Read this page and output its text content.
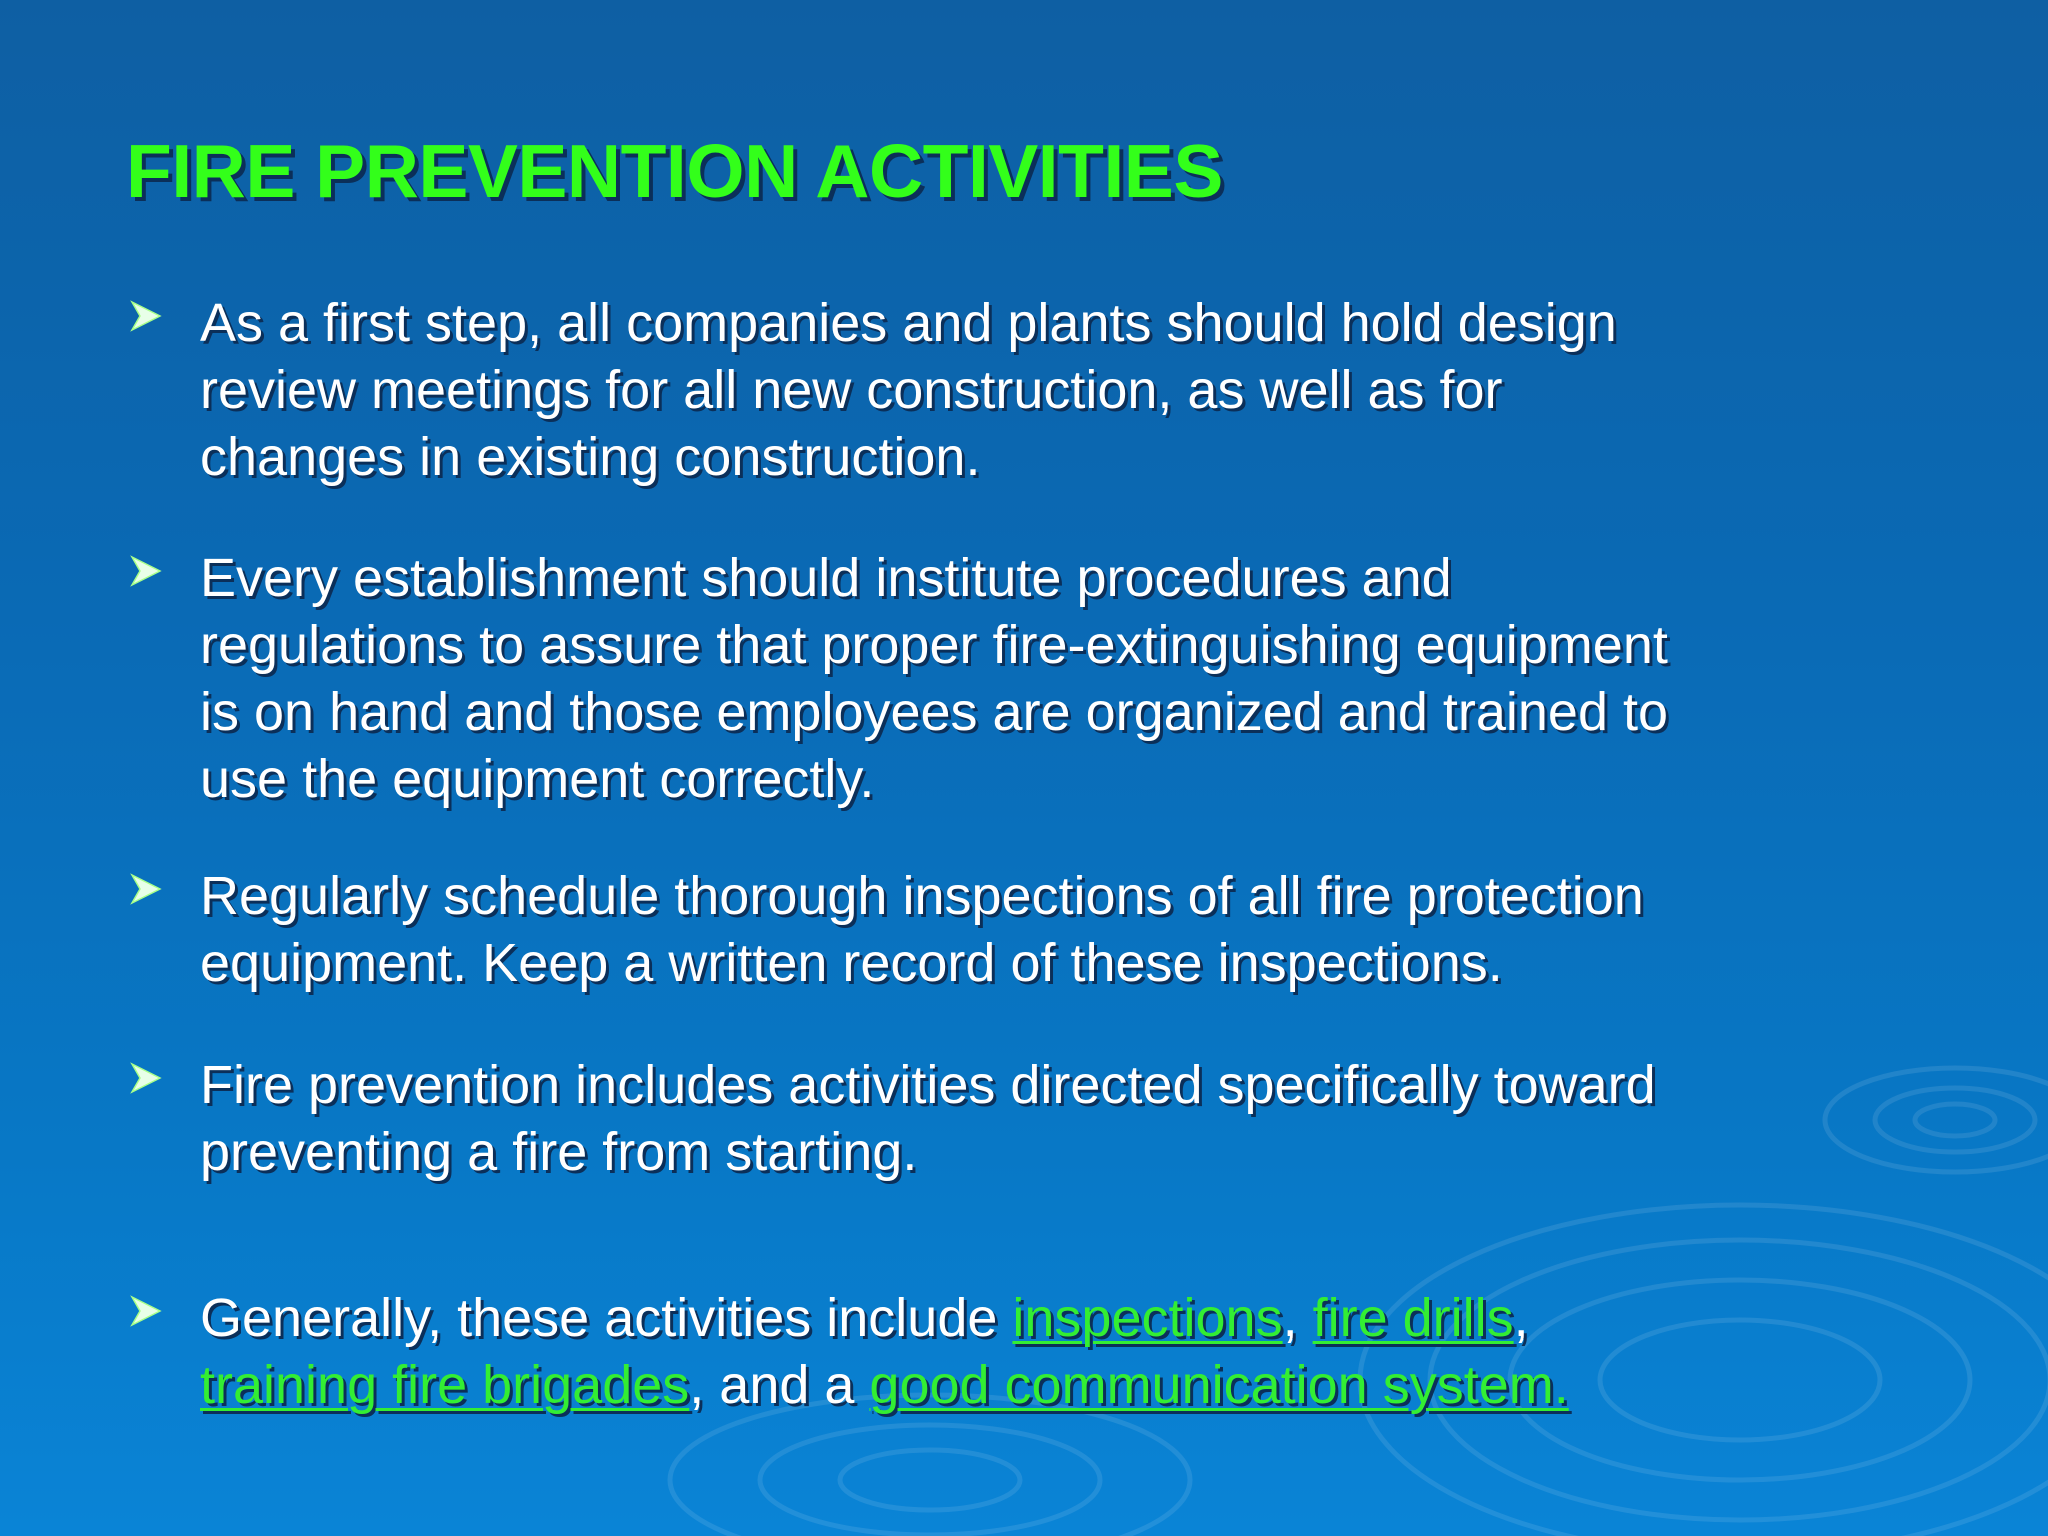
FIRE PREVENTION ACTIVITIES
As a first step, all companies and plants should hold design
review meetings for all new construction, as well as for
changes in existing construction.
Every establishment should institute procedures and
regulations to assure that proper fire-extinguishing equipment
is on hand and those employees are organized and trained to
use the equipment correctly.
Regularly schedule thorough inspections of all fire protection
equipment. Keep a written record of these inspections.
Fire prevention includes activities directed specifically toward
preventing a fire from starting.
Generally, these activities include inspections, fire drills,
training fire brigades, and a good communication system.
